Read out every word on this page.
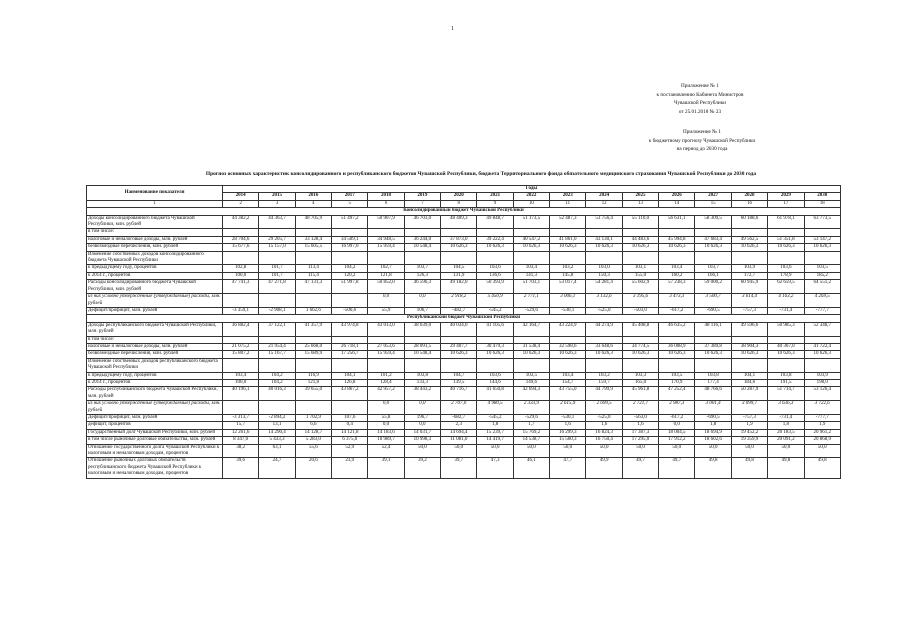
1
Приложение № 1
к постановлению Кабинета Министров
Чувашской Республики
от 25.01.2018 № 23
Приложение № 1
к бюджетному прогнозу Чувашской Республики
на период до 2030 года
Прогноз основных характеристик консолидированного и республиканского бюджетов Чувашской Республики, бюджета Территориального фонда обязательного медицинского страхования Чувашской Республики до 2030 года
Наименование показателя	Годы																
	2014	2015	2016	2017	2018	2019	2020	2021	2022	2023	2024	2025	2026	2027	2028	2029	2030
1	2	3	4	5	6	7	8	9	10	11	12	13	14	15	16	17	18
Консолидированный бюджет Чувашской Республики																	
Доходы консолидированного бюджета Чувашской Республики, млн. рублей	44 382,2	44 363,7	48 705,9	51 497,2	50 907,9	46 703,0	48 409,3	49 848,7	51 173,5	52 487,3	53 756,4	55 110,0	56 631,1	58 309,5	60 188,6	61 978,1	63 773,5
в том числе:																	
налоговые и неналоговые доходы, млн. рублей	28 704,6	29 205,7	33 128,4	34 509,1	34 948,5	36 244,0	37 873,0	39 222,4	40 547,2	41 861,0	43 130,1	44 483,6	45 994,8	47 683,4	49 562,5	51 351,8	53 147,2
безвозмездные перечисления, млн. рублей	15 677,6	15 157,0	15 605,5	16 997,0	15 959,4	10 548,4	10 626,3	10 626,3	10 626,3	10 626,3	10 626,3	10 626,3	10 626,3	10 626,3	10 626,3	10 626,3	10 626,3
Изменение собственных доходов консолидированного бюджета Чувашской Республики																	
к предыдущему году, процентов	102,8	101,7	113,4	104,2	102,7	103,7	104,5	103,6	103,4	103,2	103,0	103,1	103,4	103,7	103,9	103,6	103,5
к 2014 г., процентов	100,0	101,7	115,4	120,2	121,8	126,3	131,9	136,6	141,3	145,8	150,3	155,0	160,2	166,1	172,7	178,9	185,2
Расходы консолидированного бюджета Чувашской Республики, млн. рублей	47 741,3	47 271,8	47 131,3	51 997,8	50 852,0	46 596,3	49 182,0	50 393,9	51 703,1	53 017,4	54 281,4	55 602,9	57 238,3	59 000,2	60 945,9	62 659,5	64 551,2
из них условно утвержденные (утверждаемые) расходы, млн. рублей					0,0	0,0	2 918,2	5 450,9	2 771,1	3 006,1	3 132,6	3 195,6	3 473,3	3 500,7	3 614,4	4 163,2	4 269,5
Дефицит/профицит, млн. рублей	-3 359,1	-2 908,1	1 662,6	-500,6	55,9	106,7	-482,7	-545,2	-529,6	-530,1	-525,0	-503,0	-617,2	-690,5	-757,3	-731,4	-777,7
Республиканский бюджет Чувашской Республики																	
Доходы республиканского бюджета Чувашской Республики, млн. рублей	36 882,4	37 122,1	41 357,9	43 974,8	43 013,0	38 639,0	40 034,0	41 105,6	42 164,7	43 224,9	44 274,9	45 408,8	46 635,2	48 116,1	49 596,6	50 985,3	52 348,7
в том числе:																	
налоговые и неналоговые доходы, млн. рублей	21 075,2	21 954,4	25 668,0	26 718,1	27 053,6	28 091,5	29 407,7	30 479,3	31 538,4	32 598,6	33 648,6	34 774,5	36 008,9	37 389,8	38 904,3	40 367,0	41 722,4
безвозмездные перечисления, млн. рублей	15 807,2	15 167,7	15 689,9	17 256,7	15 959,4	10 548,4	10 626,3	10 626,3	10 626,3	10 626,3	10 626,3	10 626,3	10 626,3	10 626,3	10 626,3	10 626,3	10 626,3
Изменение собственных доходов республиканского бюджета Чувашской Республики																	
к предыдущему году, процентов	103,4	104,2	116,9	104,1	101,2	103,8	104,7	103,6	103,5	103,4	103,2	103,3	103,5	103,8	104,1	103,8	103,9
к 2014 г., процентов	100,0	104,2	121,8	126,8	128,4	133,3	139,5	144,6	149,6	154,7	159,7	165,0	170,9	177,4	184,6	191,5	198,0
Расходы республиканского бюджета Чувашской Республики, млн. рублей	40 196,1	40 016,3	39 655,0	43 867,2	42 957,2	38 443,2	40 716,7	41 650,8	42 694,3	43 755,0	44 799,9	45 961,8	47 252,4	48 766,6	50 287,9	51 714,7	53 126,4
из них условно утвержденные (утверждаемые) расходы, млн. рублей					0,0	0,0	2 707,0	4 980,5	2 333,9	2 615,9	2 699,5	2 721,7	2 987,3	3 001,4	3 099,7	3 636,3	3 722,6
Дефицит/профицит, млн. рублей	-3 313,7	-2 894,2	1 702,9	107,6	55,8	196,7	-682,7	-545,2	-529,6	-530,1	-525,0	-563,0	-617,2	-690,5	-757,3	-731,4	-777,7
дефицит, процентов	15,7	13,1	6,6	0,4	0,0	0,0	2,3	1,8	1,7	1,6	1,6	1,6	0,0	1,8	1,9	1,8	1,9
Государственный долг Чувашской Республики, млн. рублей	12 261,6	14 290,4	14 128,7	14 121,8	14 183,6	14 031,7	14 694,4	15 239,7	15 769,2	16 299,3	16 824,3	17 387,3	18 004,5	18 694,9	19 452,2	20 183,5	20 961,2
в том числе рыночные долговые обязательства, млн. рублей	8 347,0	5 433,3	5 283,0	6 375,0	10 989,7	10 998,3	11 081,0	14 419,7	14 538,7	15 560,3	16 750,4	17 295,0	17 912,2	18 602,6	19 359,9	20 091,2	20 868,9
Отношение государственного долга Чувашской Республики к налоговым и неналоговым доходам, процентов	38,2	63,1	55,6	52,9	52,4	50,0	50,0	50,0	50,0	50,0	50,0	50,0	50,0	50,0	50,0	50,0	50,0
Отношение рыночных долговых обязательств республиканского бюджета Чувашской Республики к налоговым и неналоговым доходам, процентов	39,6	24,7	20,6	23,9	39,1	39,2	39,7	47,3	46,1	47,7	49,9	49,7	49,7	49,8	49,8	49,8	49,8
